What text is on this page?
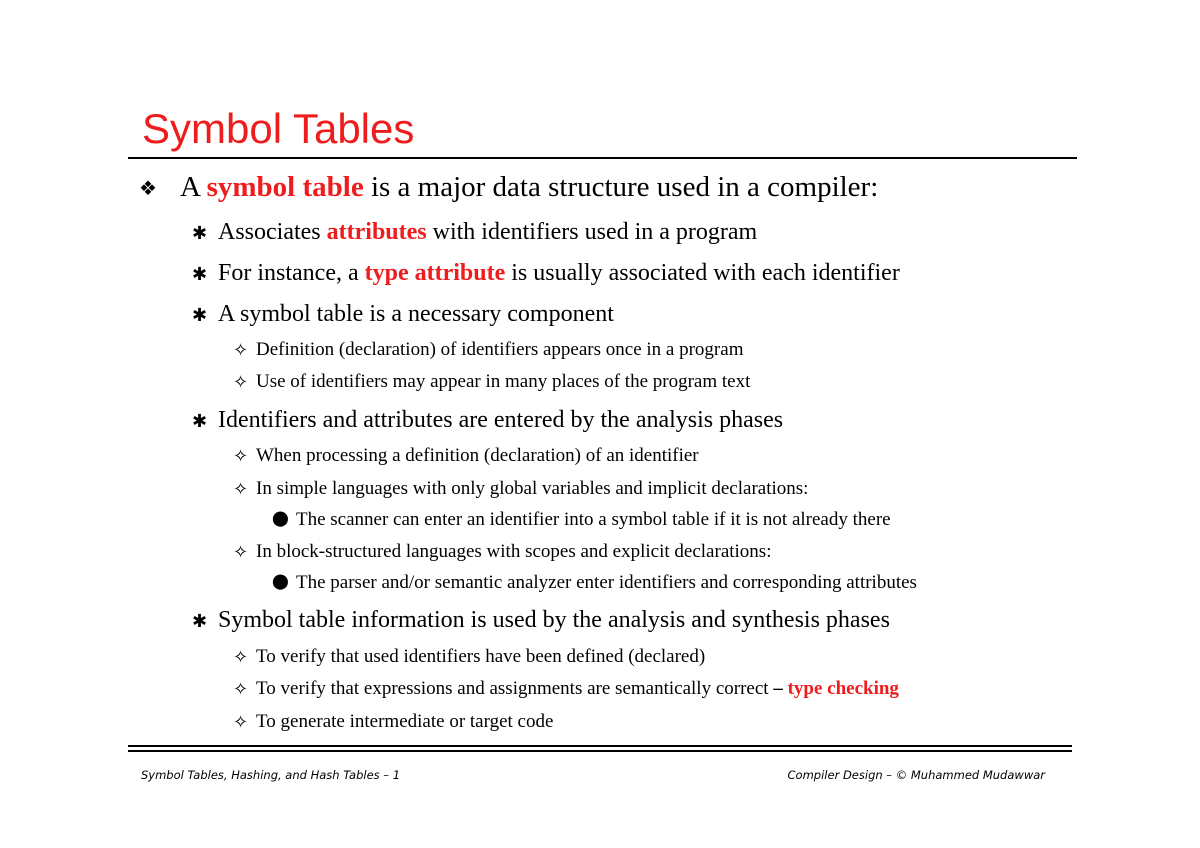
Symbol Tables
A symbol table is a major data structure used in a compiler:
Associates attributes with identifiers used in a program
For instance, a type attribute is usually associated with each identifier
A symbol table is a necessary component
Definition (declaration) of identifiers appears once in a program
Use of identifiers may appear in many places of the program text
Identifiers and attributes are entered by the analysis phases
When processing a definition (declaration) of an identifier
In simple languages with only global variables and implicit declarations:
The scanner can enter an identifier into a symbol table if it is not already there
In block-structured languages with scopes and explicit declarations:
The parser and/or semantic analyzer enter identifiers and corresponding attributes
Symbol table information is used by the analysis and synthesis phases
To verify that used identifiers have been defined (declared)
To verify that expressions and assignments are semantically correct – type checking
To generate intermediate or target code
❖
✱
✱
✱
✱
✱
✧
✧
✧
✧
✧
✧
✧
✧
⬤
⬤
Symbol Tables, Hashing, and Hash Tables – 1	Compiler Design – © Muhammed Mudawwar
